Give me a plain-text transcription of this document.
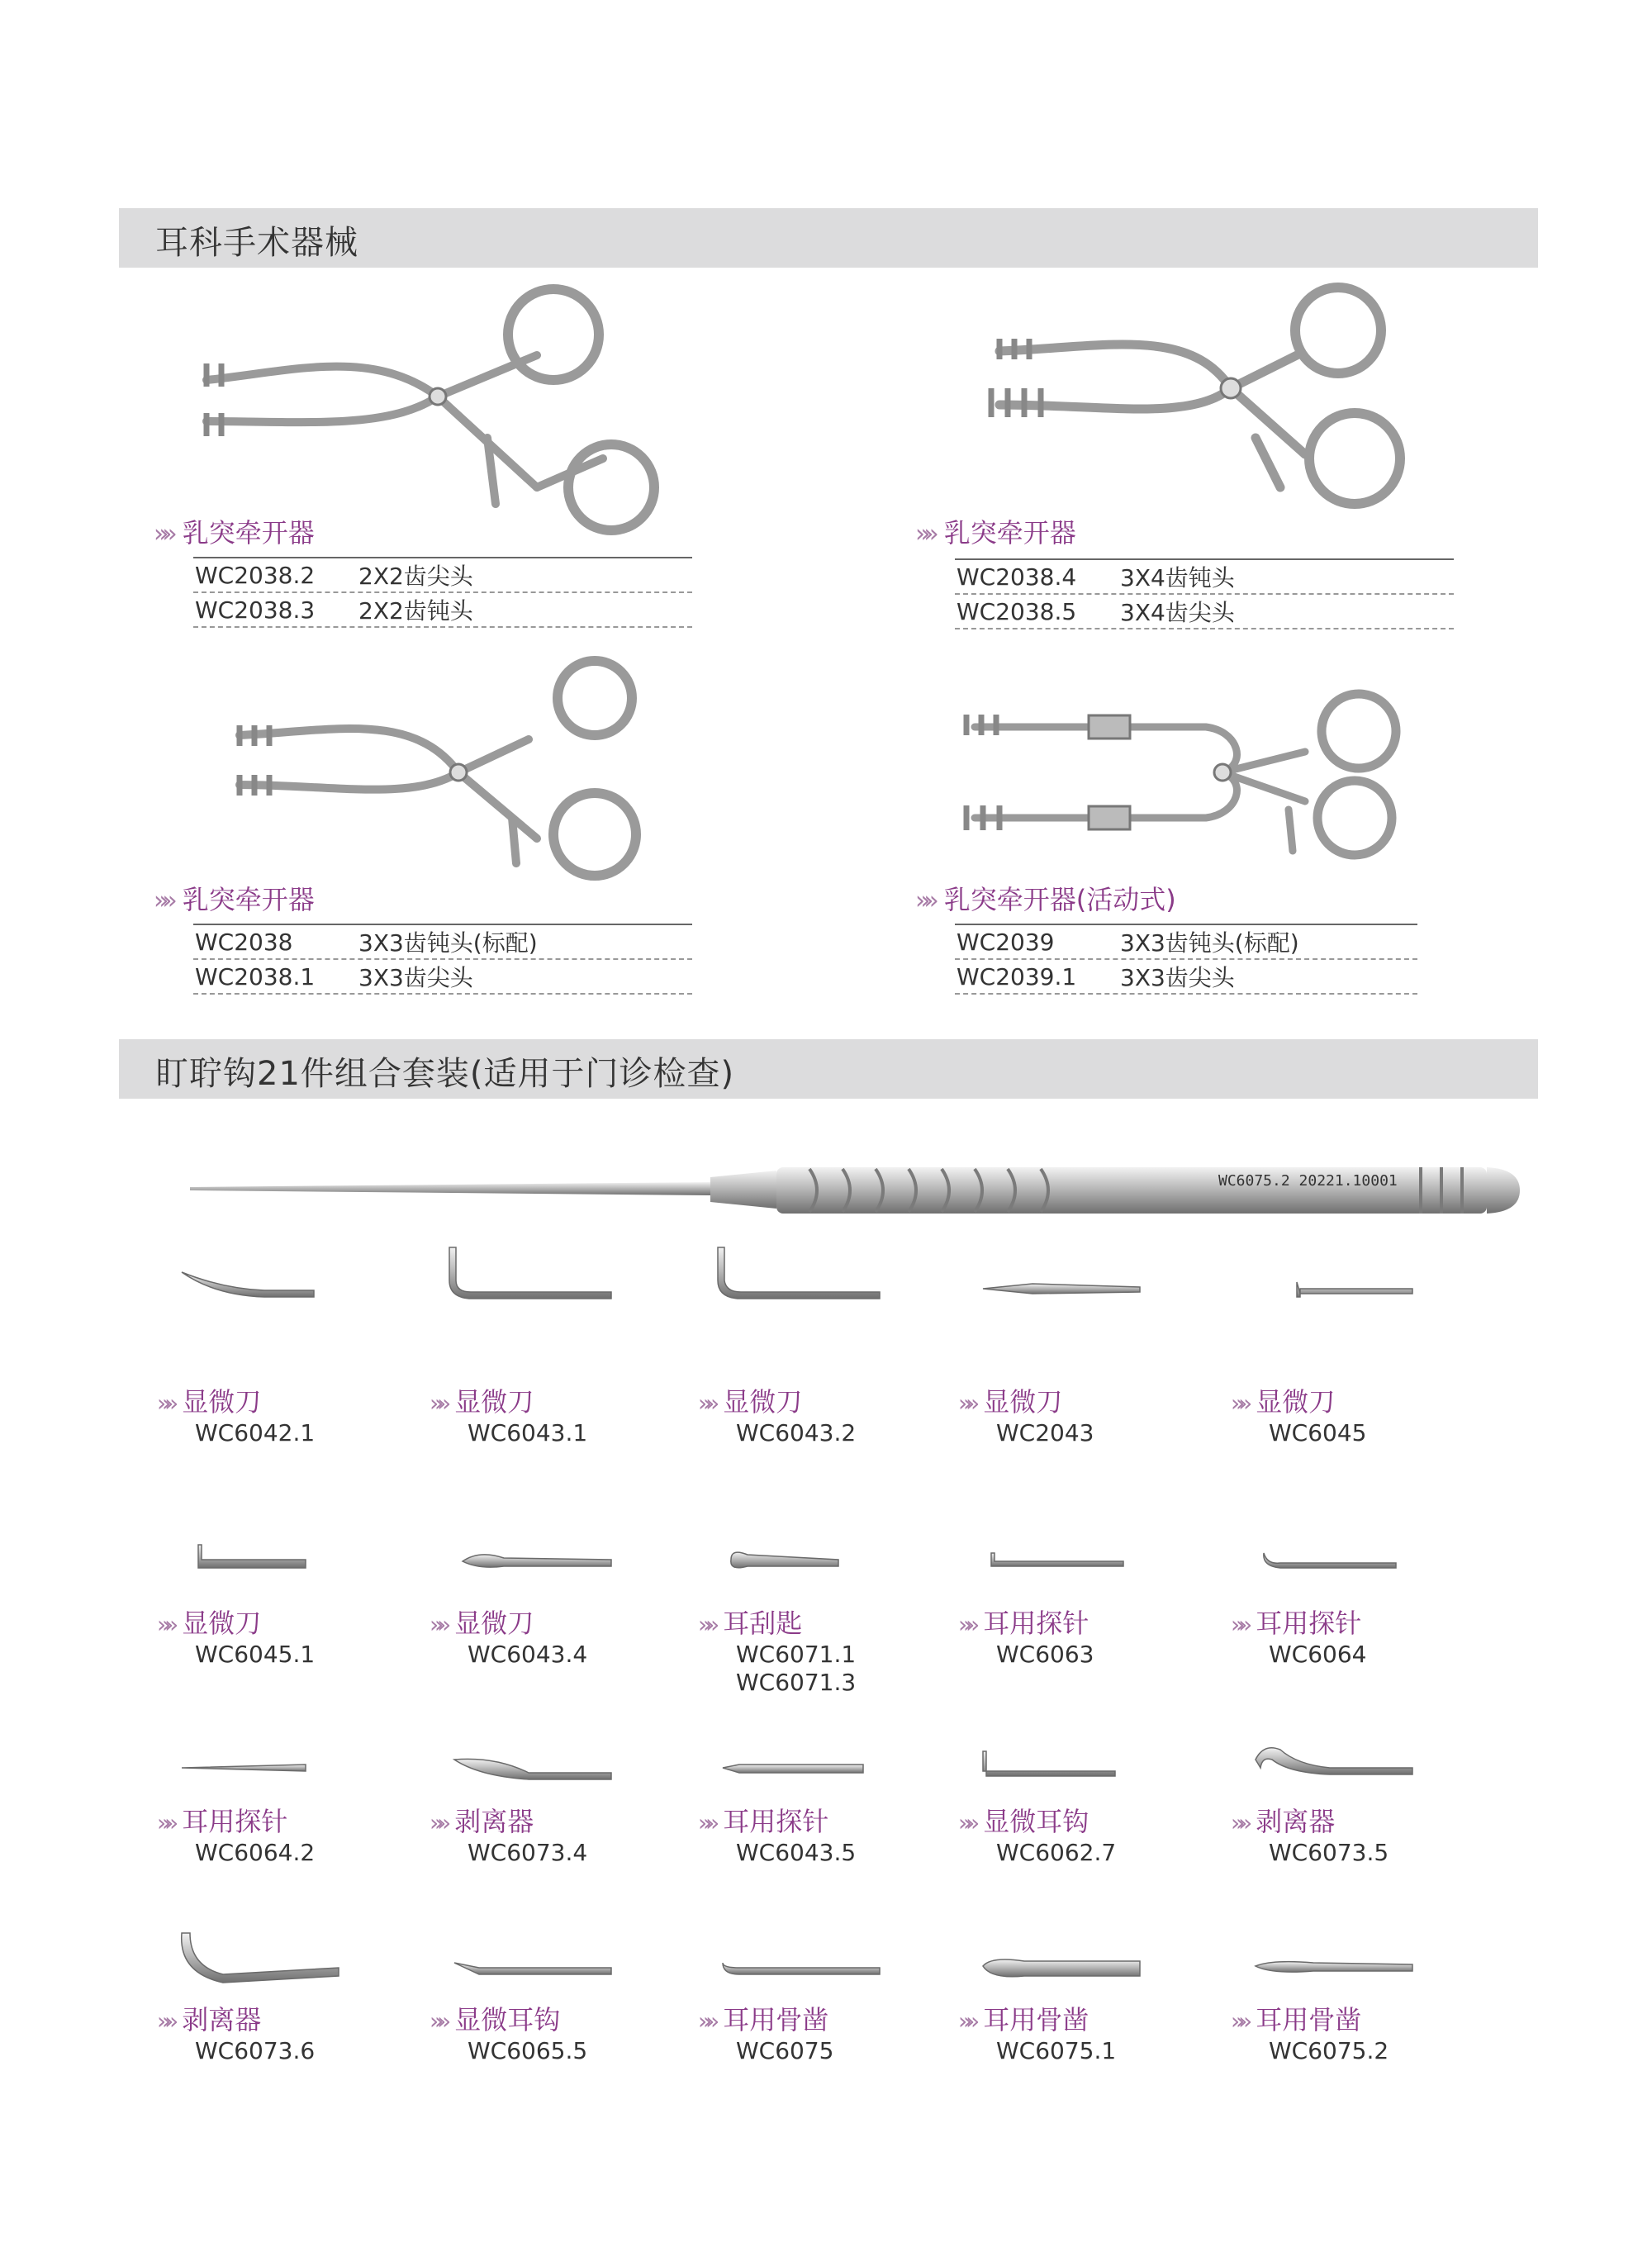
耳科手术器械
»» 乳突牵开器
WC2038.2	2X2齿尖头
WC2038.3	2X2齿钝头
»» 乳突牵开器
WC2038.4	3X4齿钝头
WC2038.5	3X4齿尖头
»» 乳突牵开器
WC2038	3X3齿钝头(标配)
WC2038.1	3X3齿尖头
»» 乳突牵开器(活动式)
WC2039	3X3齿钝头(标配)
WC2039.1	3X3齿尖头
盯聍钩21件组合套装(适用于门诊检查)
WC6075.2 20221.10001
»» 显微刀
WC6042.1
»» 显微刀
WC6043.1
»» 显微刀
WC6043.2
»» 显微刀
WC2043
»» 显微刀
WC6045
»» 显微刀
WC6045.1
»» 显微刀
WC6043.4
»» 耳刮匙
WC6071.1
WC6071.3
»» 耳用探针
WC6063
»» 耳用探针
WC6064
»» 耳用探针
WC6064.2
»» 剥离器
WC6073.4
»» 耳用探针
WC6043.5
»» 显微耳钩
WC6062.7
»» 剥离器
WC6073.5
»» 剥离器
WC6073.6
»» 显微耳钩
WC6065.5
»» 耳用骨凿
WC6075
»» 耳用骨凿
WC6075.1
»» 耳用骨凿
WC6075.2
